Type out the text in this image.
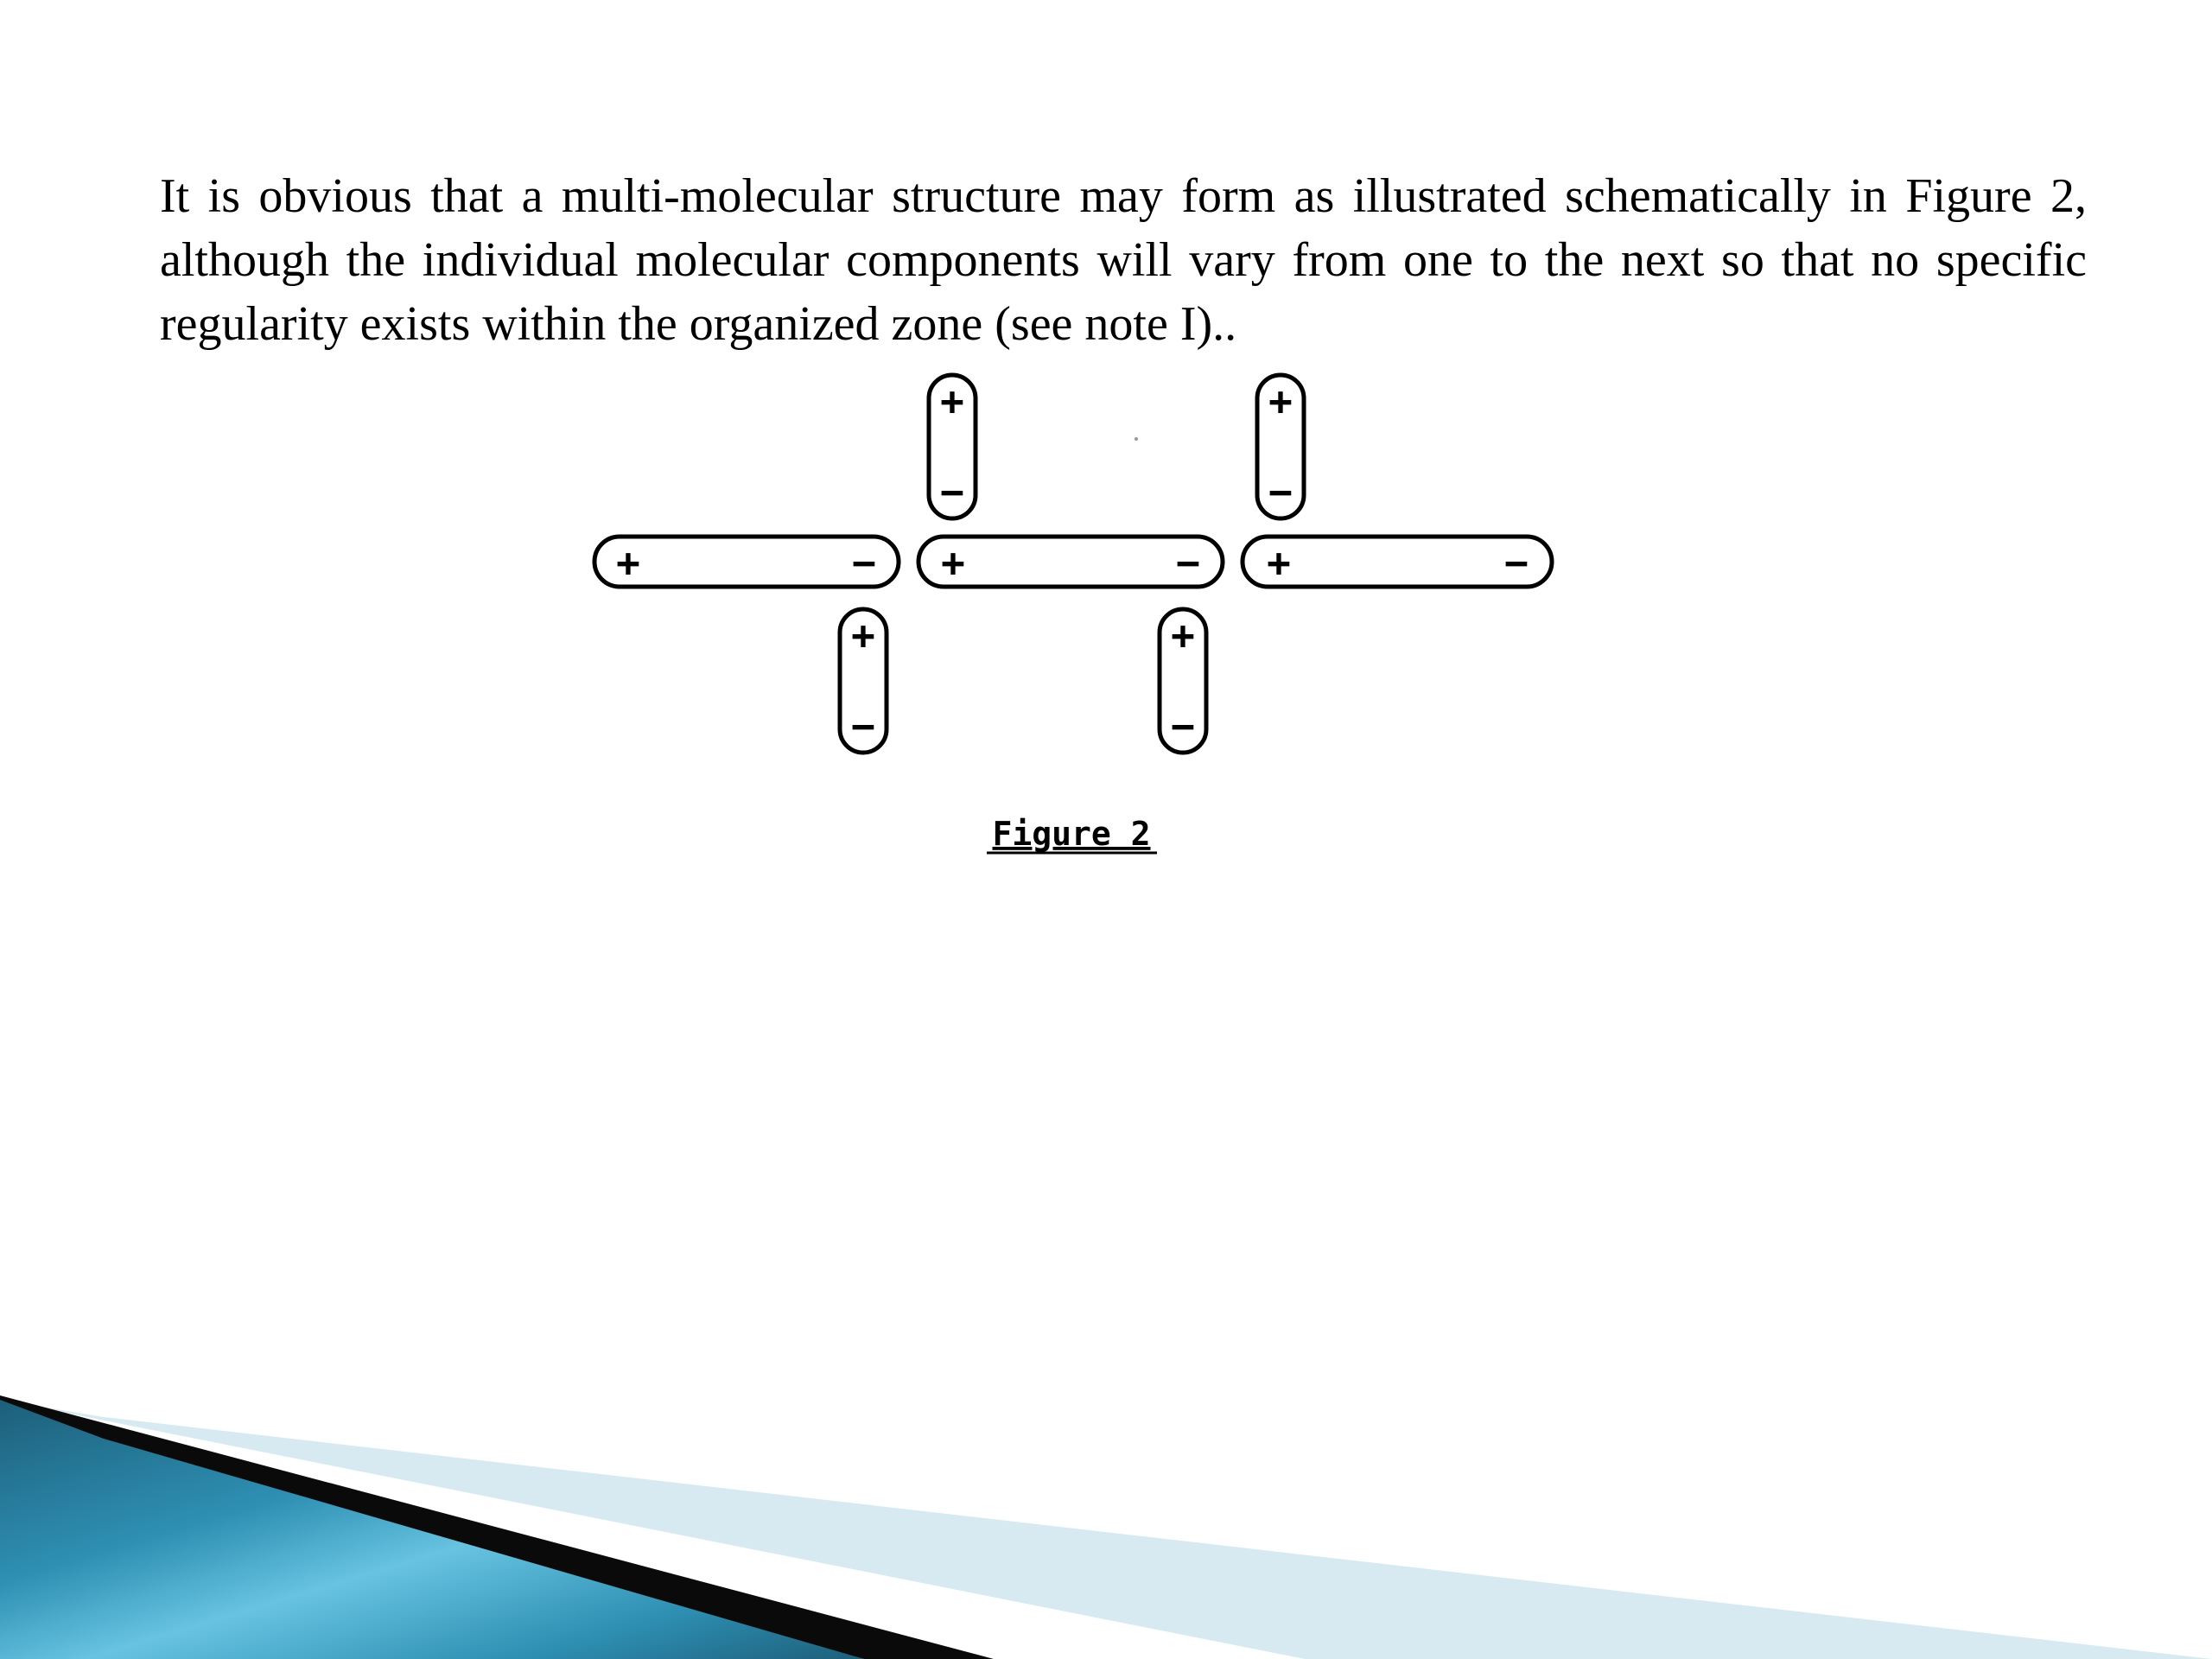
It is obvious that a multi-molecular structure may form as illustrated schematically in Figure 2, although the individual molecular components will vary from one to the next so that no specific regularity exists within the organized zone (see note I)..

+	− +	− +	−
+
−
+
−
+
−
+
−
Figure 2
